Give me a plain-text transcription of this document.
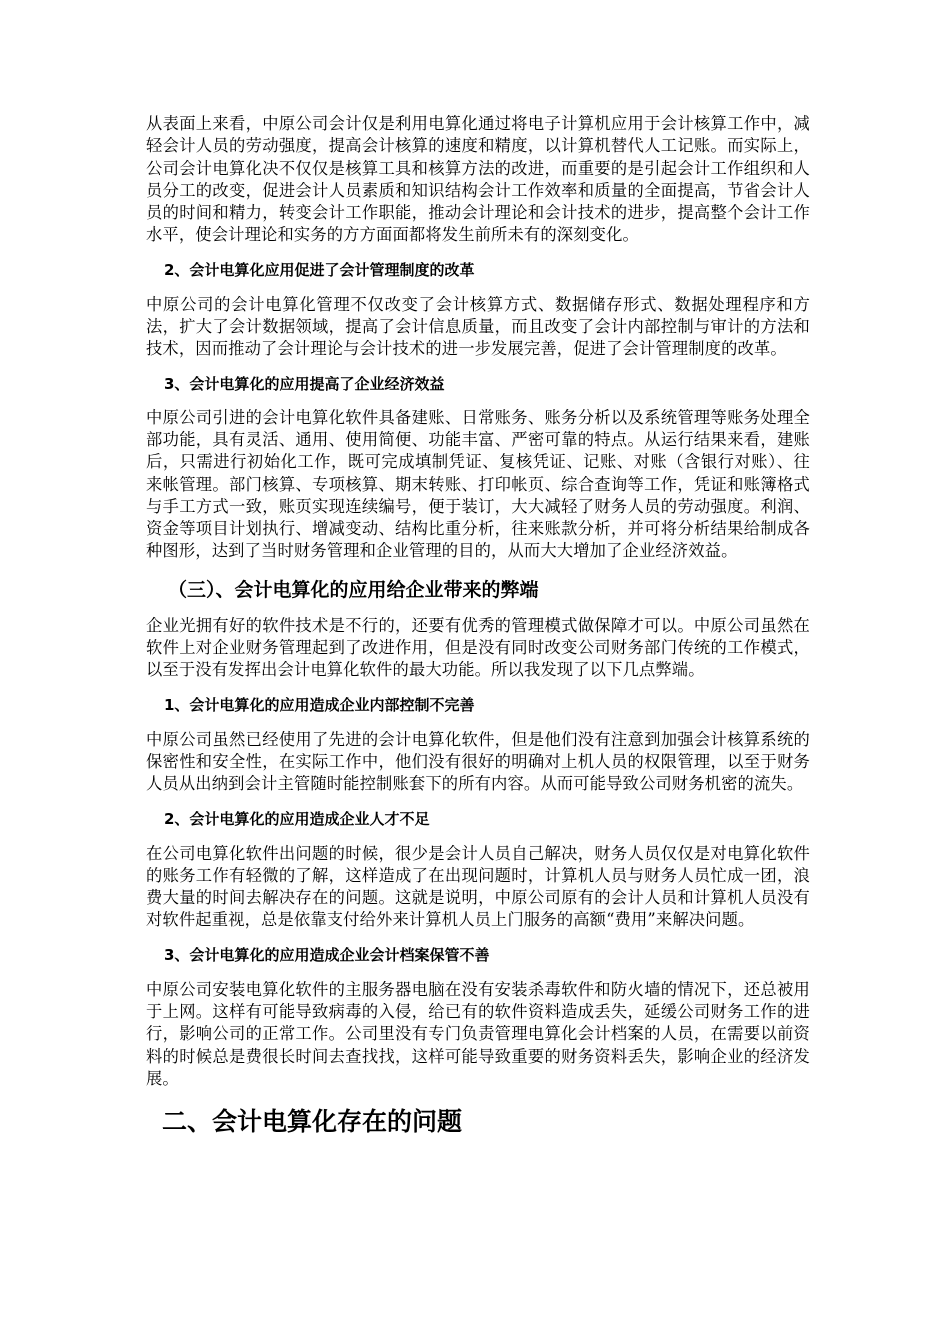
从表面上来看，中原公司会计仅是利用电算化通过将电子计算机应用于会计核算工作中，减轻会计人员的劳动强度，提高会计核算的速度和精度，以计算机替代人工记账。而实际上，公司会计电算化决不仅仅是核算工具和核算方法的改进，而重要的是引起会计工作组织和人员分工的改变，促进会计人员素质和知识结构会计工作效率和质量的全面提高，节省会计人员的时间和精力，转变会计工作职能，推动会计理论和会计技术的进步，提高整个会计工作水平，使会计理论和实务的方方面面都将发生前所未有的深刻变化。

2、会计电算化应用促进了会计管理制度的改革

中原公司的会计电算化管理不仅改变了会计核算方式、数据储存形式、数据处理程序和方法，扩大了会计数据领域，提高了会计信息质量，而且改变了会计内部控制与审计的方法和技术，因而推动了会计理论与会计技术的进一步发展完善，促进了会计管理制度的改革。

3、会计电算化的应用提高了企业经济效益

中原公司引进的会计电算化软件具备建账、日常账务、账务分析以及系统管理等账务处理全部功能，具有灵活、通用、使用简便、功能丰富、严密可靠的特点。从运行结果来看，建账后，只需进行初始化工作，既可完成填制凭证、复核凭证、记账、对账（含银行对账）、往来帐管理。部门核算、专项核算、期末转账、打印帐页、综合查询等工作，凭证和账簿格式与手工方式一致，账页实现连续编号，便于装订，大大减轻了财务人员的劳动强度。利润、资金等项目计划执行、增减变动、结构比重分析，往来账款分析，并可将分析结果给制成各种图形，达到了当时财务管理和企业管理的目的，从而大大增加了企业经济效益。

（三）、会计电算化的应用给企业带来的弊端

企业光拥有好的软件技术是不行的，还要有优秀的管理模式做保障才可以。中原公司虽然在软件上对企业财务管理起到了改进作用，但是没有同时改变公司财务部门传统的工作模式，以至于没有发挥出会计电算化软件的最大功能。所以我发现了以下几点弊端。

1、会计电算化的应用造成企业内部控制不完善

中原公司虽然已经使用了先进的会计电算化软件，但是他们没有注意到加强会计核算系统的保密性和安全性，在实际工作中，他们没有很好的明确对上机人员的权限管理，以至于财务人员从出纳到会计主管随时能控制账套下的所有内容。从而可能导致公司财务机密的流失。

2、会计电算化的应用造成企业人才不足

在公司电算化软件出问题的时候，很少是会计人员自己解决，财务人员仅仅是对电算化软件的账务工作有轻微的了解，这样造成了在出现问题时，计算机人员与财务人员忙成一团，浪费大量的时间去解决存在的问题。这就是说明，中原公司原有的会计人员和计算机人员没有对软件起重视，总是依靠支付给外来计算机人员上门服务的高额“费用”来解决问题。

3、会计电算化的应用造成企业会计档案保管不善

中原公司安装电算化软件的主服务器电脑在没有安装杀毒软件和防火墙的情况下，还总被用于上网。这样有可能导致病毒的入侵，给已有的软件资料造成丢失，延缓公司财务工作的进行，影响公司的正常工作。公司里没有专门负责管理电算化会计档案的人员，在需要以前资料的时候总是费很长时间去查找找，这样可能导致重要的财务资料丢失，影响企业的经济发展。

二、会计电算化存在的问题
